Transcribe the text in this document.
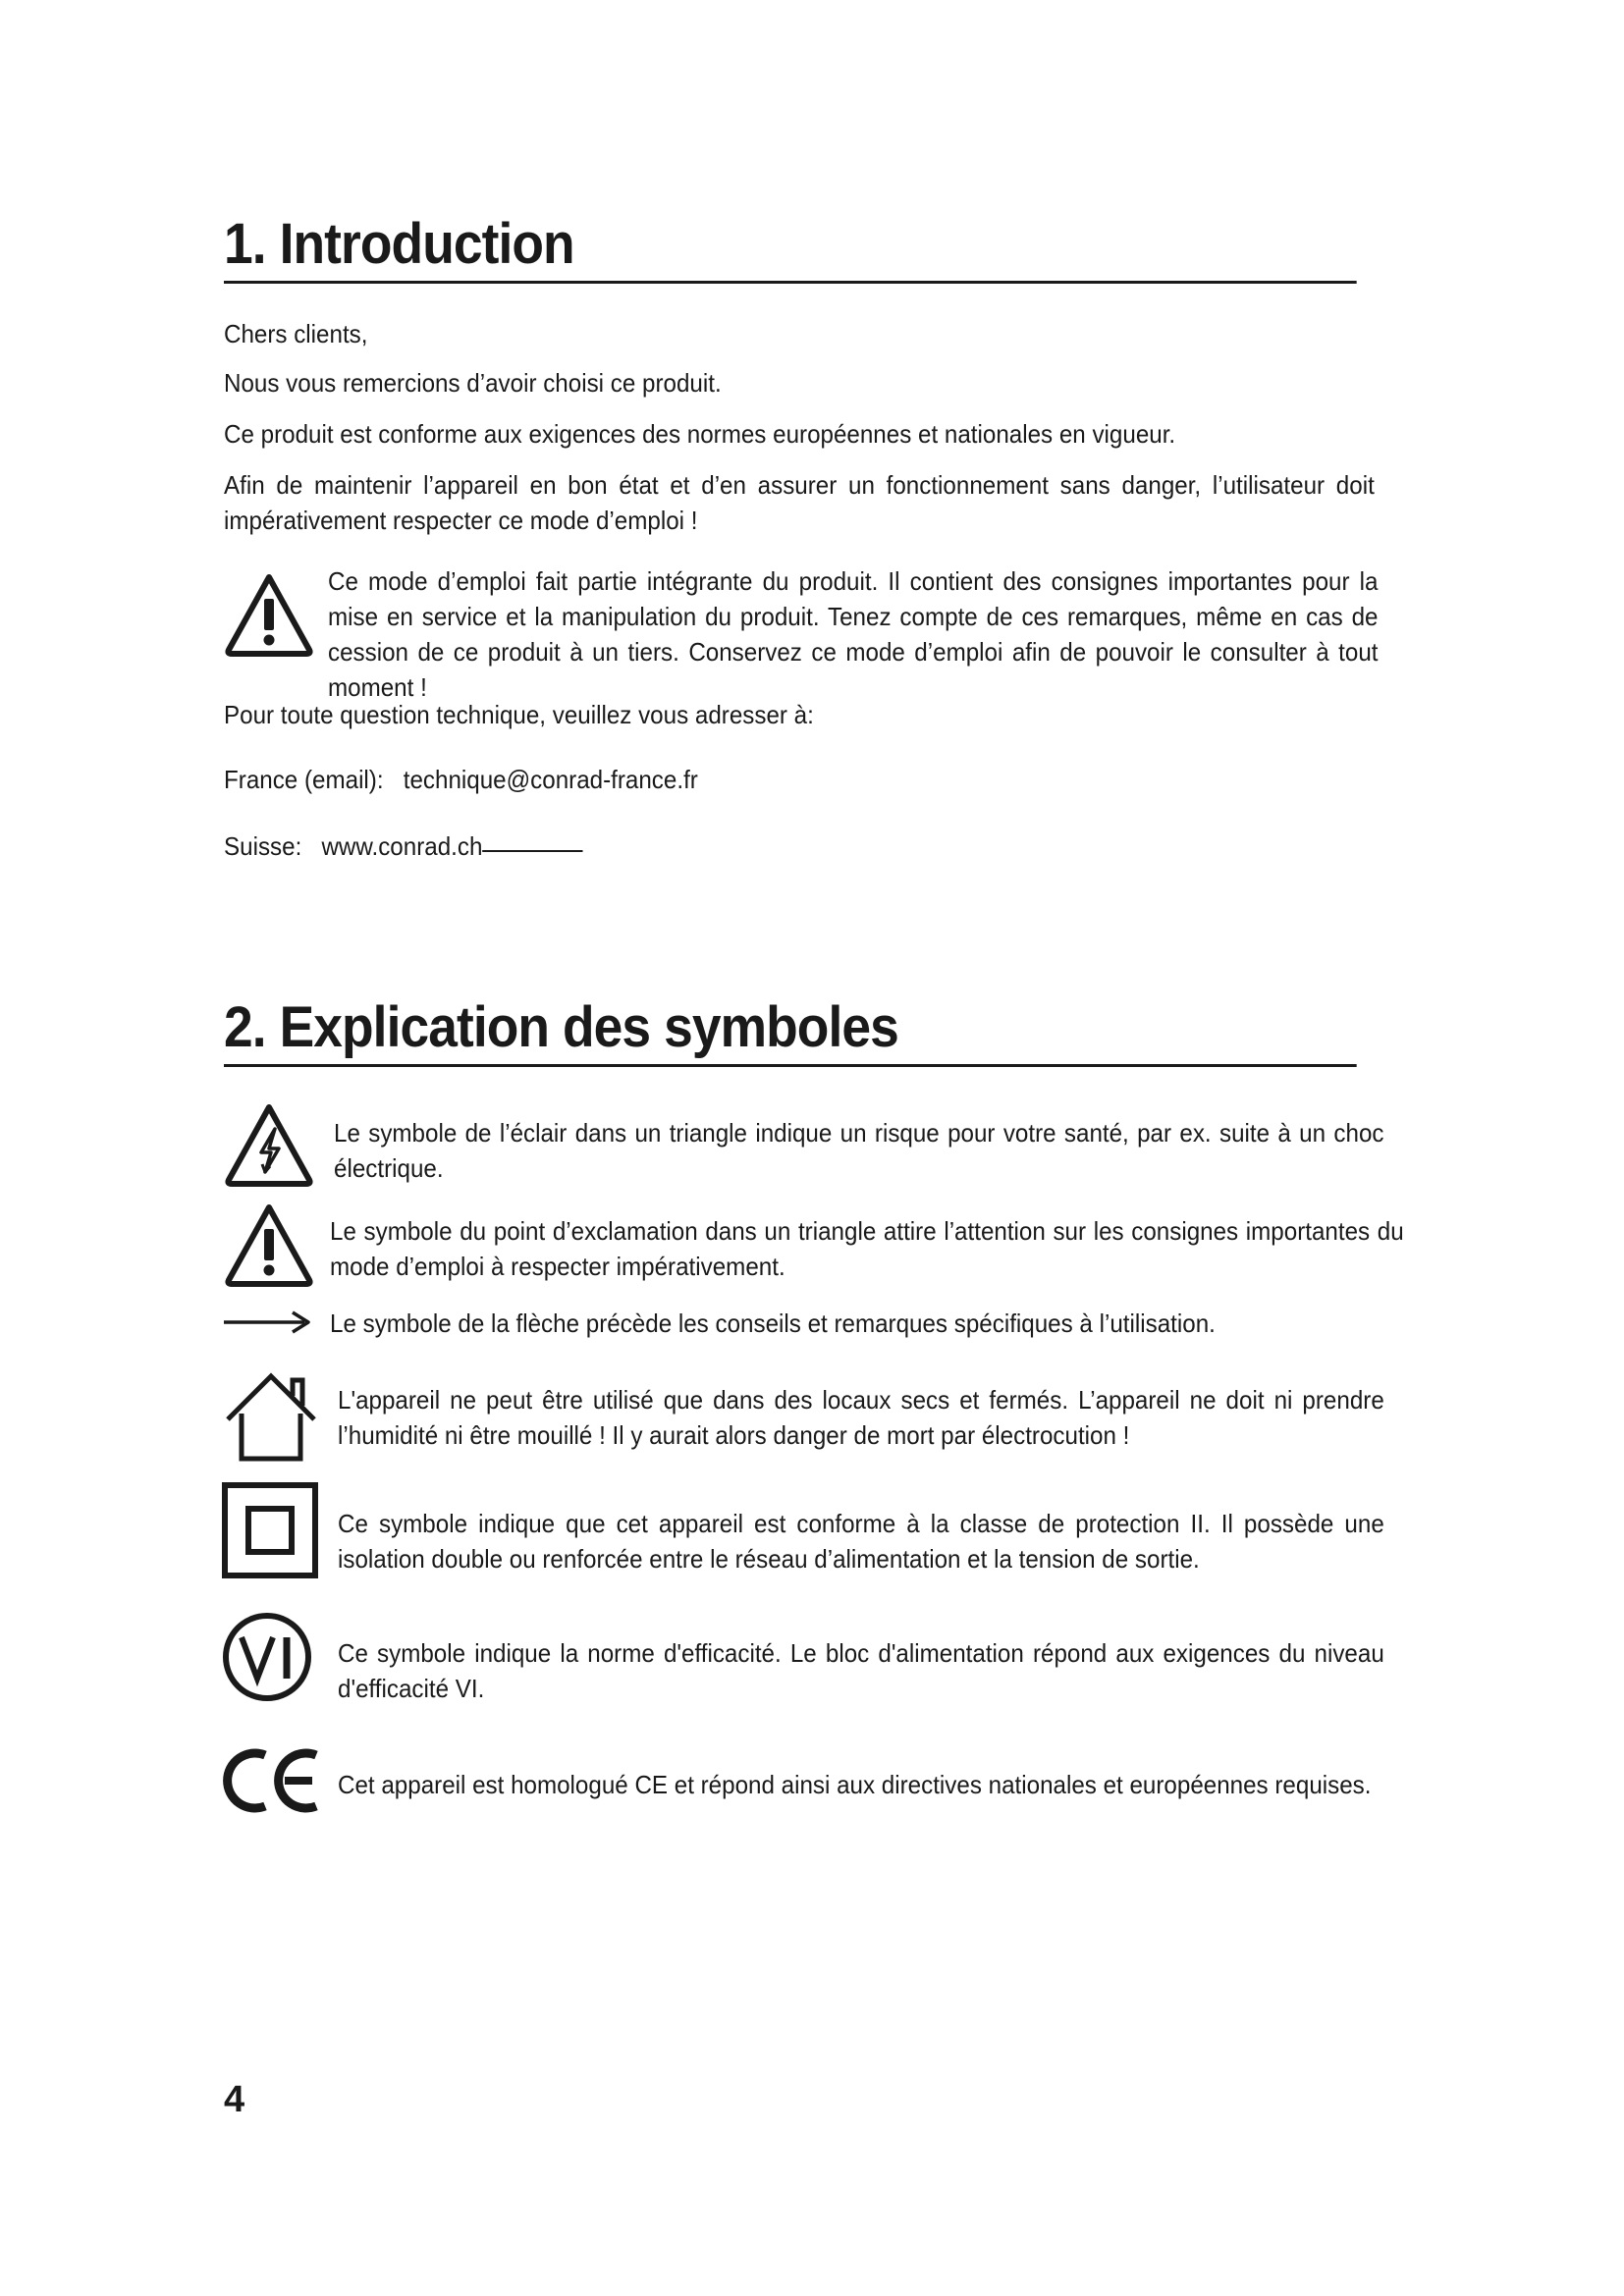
1. Introduction

Chers clients,

Nous vous remercions d’avoir choisi ce produit.

Ce produit est conforme aux exigences des normes européennes et nationales en vigueur.

Afin de maintenir l’appareil en bon état et d’en assurer un fonctionnement sans danger, l’utilisateur doit impérativement respecter ce mode d’emploi !

Ce mode d’emploi fait partie intégrante du produit. Il contient des consignes importantes pour la mise en service et la manipulation du produit. Tenez compte de ces remarques, même en cas de cession de ce produit à un tiers. Conservez ce mode d’emploi afin de pouvoir le consulter à tout moment !

Pour toute question technique, veuillez vous adresser à:

France (email): technique@conrad-france.fr

Suisse: www.conrad.ch

2. Explication des symboles

Le symbole de l’éclair dans un triangle indique un risque pour votre santé, par ex. suite à un choc électrique.

Le symbole du point d’exclamation dans un triangle attire l’attention sur les consignes importantes du mode d’emploi à respecter impérativement.

Le symbole de la flèche précède les conseils et remarques spécifiques à l’utilisation.

L'appareil ne peut être utilisé que dans des locaux secs et fermés. L’appareil ne doit ni prendre l’humidité ni être mouillé ! Il y aurait alors danger de mort par électrocution !

Ce symbole indique que cet appareil est conforme à la classe de protection II. Il possède une isolation double ou renforcée entre le réseau d’alimentation et la tension de sortie.

Ce symbole indique la norme d'efficacité. Le bloc d'alimentation répond aux exigences du niveau d'efficacité VI.

Cet appareil est homologué CE et répond ainsi aux directives nationales et européennes requises.

4
